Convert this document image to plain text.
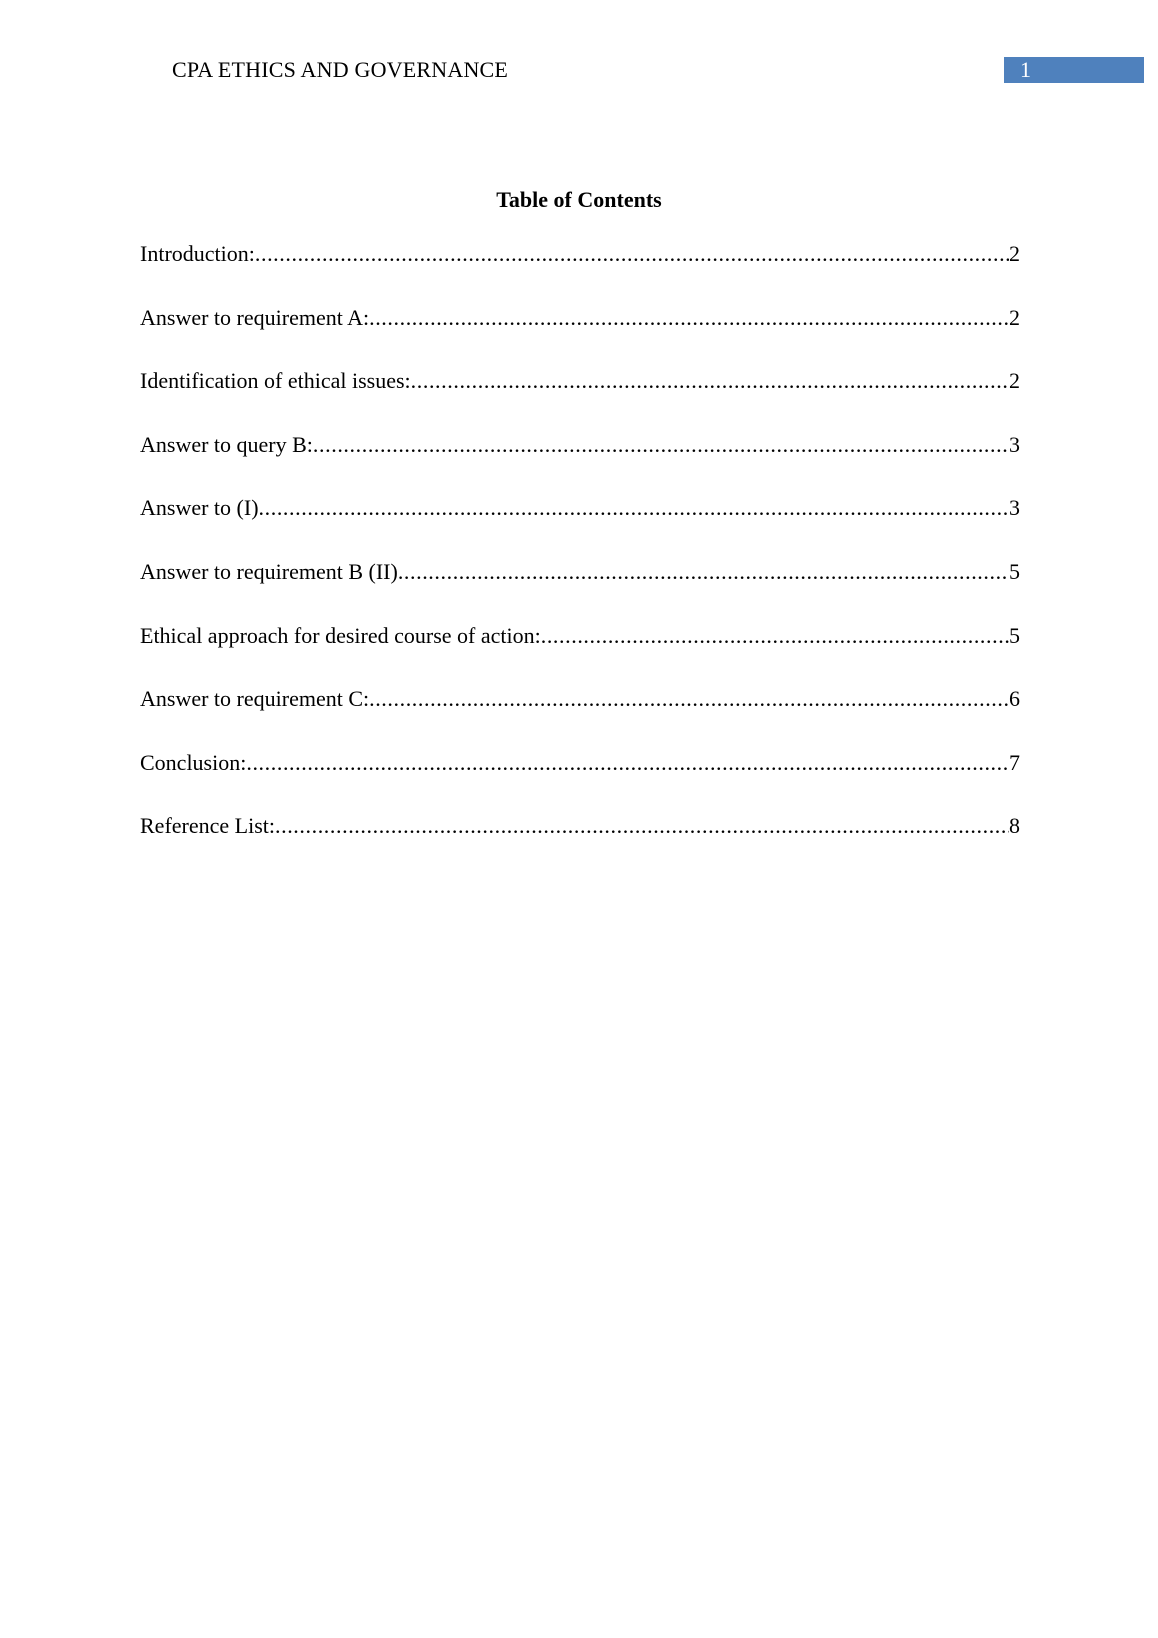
CPA ETHICS AND GOVERNANCE	1
Table of Contents
Introduction: .....	2
Answer to requirement A: .....	2
Identification of ethical issues: .....	2
Answer to query B: .....	3
Answer to (I) .....	3
Answer to requirement B (II) .....	5
Ethical approach for desired course of action: .....	5
Answer to requirement C: .....	6
Conclusion: .....	7
Reference List: .....	8
